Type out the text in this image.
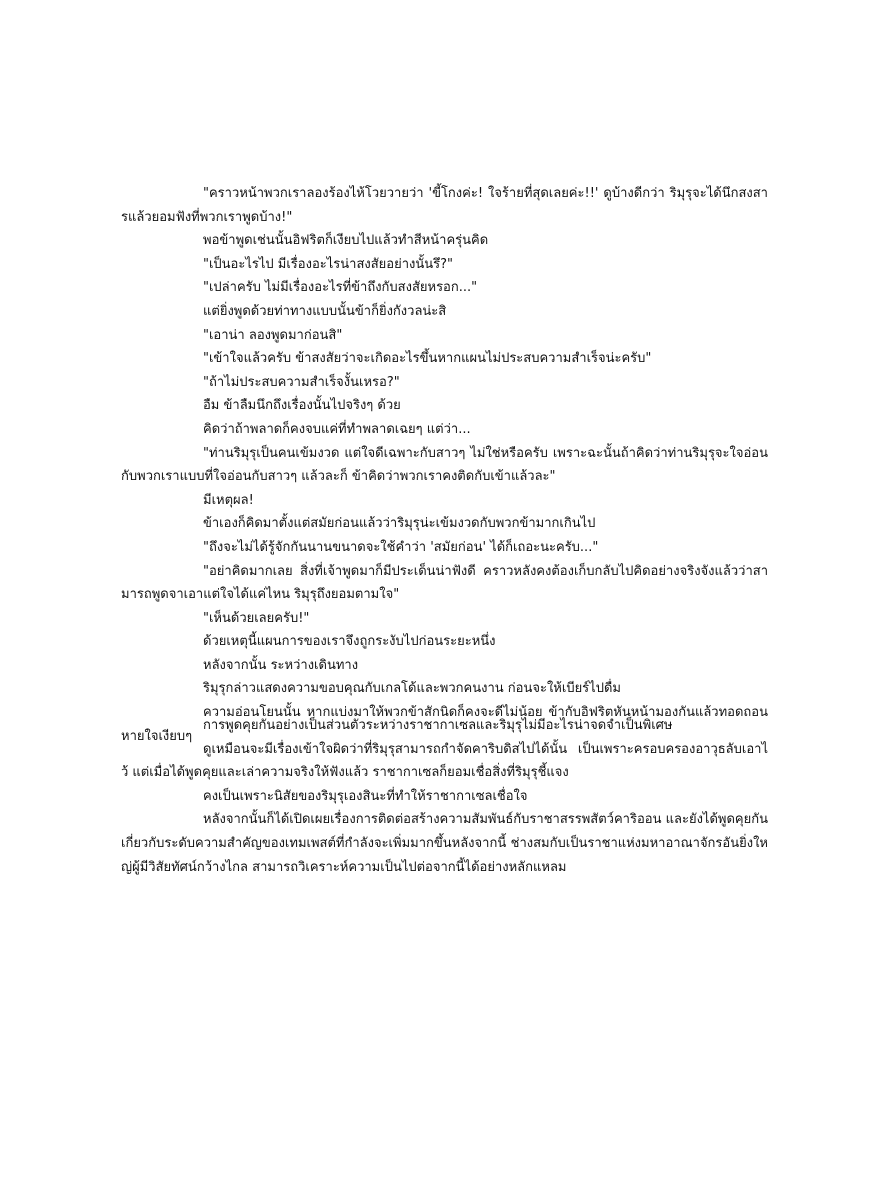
"คราวหน้าพวกเราลองร้องไห้โวยวายว่า 'ขี้โกงค่ะ! ใจร้ายที่สุดเลยค่ะ!!' ดูบ้างดีกว่า ริมุรุจะได้นึกสงสารแล้วยอมฟังที่พวกเราพูดบ้าง!"

พอข้าพูดเช่นนั้นอิฟริตก็เงียบไปแล้วทำสีหน้าครุ่นคิด

"เป็นอะไรไป มีเรื่องอะไรน่าสงสัยอย่างนั้นรึ?"

"เปล่าครับ ไม่มีเรื่องอะไรที่ข้าถึงกับสงสัยหรอก..."

แต่ยิ่งพูดด้วยท่าทางแบบนั้นข้าก็ยิ่งกังวลน่ะสิ

"เอาน่า ลองพูดมาก่อนสิ"

"เข้าใจแล้วครับ ข้าสงสัยว่าจะเกิดอะไรขึ้นหากแผนไม่ประสบความสำเร็จน่ะครับ"

"ถ้าไม่ประสบความสำเร็จงั้นเหรอ?"

อืม ข้าลืมนึกถึงเรื่องนั้นไปจริงๆ ด้วย

คิดว่าถ้าพลาดก็คงจบแค่ที่ทำพลาดเฉยๆ แต่ว่า...

"ท่านริมุรุเป็นคนเข้มงวด แต่ใจดีเฉพาะกับสาวๆ ไม่ใช่หรือครับ เพราะฉะนั้นถ้าคิดว่าท่านริมุรุจะใจอ่อนกับพวกเราแบบที่ใจอ่อนกับสาวๆ แล้วละก็ ข้าคิดว่าพวกเราคงติดกับเข้าแล้วละ"

มีเหตุผล!

ข้าเองก็คิดมาตั้งแต่สมัยก่อนแล้วว่าริมุรุน่ะเข้มงวดกับพวกข้ามากเกินไป

"ถึงจะไม่ได้รู้จักกันนานขนาดจะใช้คำว่า 'สมัยก่อน' ได้ก็เถอะนะครับ..."

"อย่าคิดมากเลย สิ่งที่เจ้าพูดมาก็มีประเด็นน่าฟังดี คราวหลังคงต้องเก็บกลับไปคิดอย่างจริงจังแล้วว่าสามารถพูดจาเอาแต่ใจได้แค่ไหน ริมุรุถึงยอมตามใจ"

"เห็นด้วยเลยครับ!"

ด้วยเหตุนี้แผนการของเราจึงถูกระงับไปก่อนระยะหนึ่ง

หลังจากนั้น ระหว่างเดินทาง

ริมุรุกล่าวแสดงความขอบคุณกับเกลโด้และพวกคนงาน ก่อนจะให้เบียร์ไปดื่ม

ความอ่อนโยนนั้น หากแบ่งมาให้พวกข้าสักนิดก็คงจะดีไม่น้อย ข้ากับอิฟริตหันหน้ามองกันแล้วทอดถอนหายใจเงียบๆ

การพูดคุยกันอย่างเป็นส่วนตัวระหว่างราชากาเซลและริมุรุไม่มีอะไรน่าจดจำเป็นพิเศษ

ดูเหมือนจะมีเรื่องเข้าใจผิดว่าที่ริมุรุสามารถกำจัดคาริบดิสไปได้นั้น เป็นเพราะครอบครองอาวุธลับเอาไว้ แต่เมื่อได้พูดคุยและเล่าความจริงให้ฟังแล้ว ราชากาเซลก็ยอมเชื่อสิ่งที่ริมุรุชี้แจง

คงเป็นเพราะนิสัยของริมุรุเองสินะที่ทำให้ราชากาเซลเชื่อใจ

หลังจากนั้นก็ได้เปิดเผยเรื่องการติดต่อสร้างความสัมพันธ์กับราชาสรรพสัตว์คาริออน และยังได้พูดคุยกันเกี่ยวกับระดับความสำคัญของเทมเพสต์ที่กำลังจะเพิ่มมากขึ้นหลังจากนี้ ช่างสมกับเป็นราชาแห่งมหาอาณาจักรอันยิ่งใหญ่ผู้มีวิสัยทัศน์กว้างไกล สามารถวิเคราะห์ความเป็นไปต่อจากนี้ได้อย่างหลักแหลม
